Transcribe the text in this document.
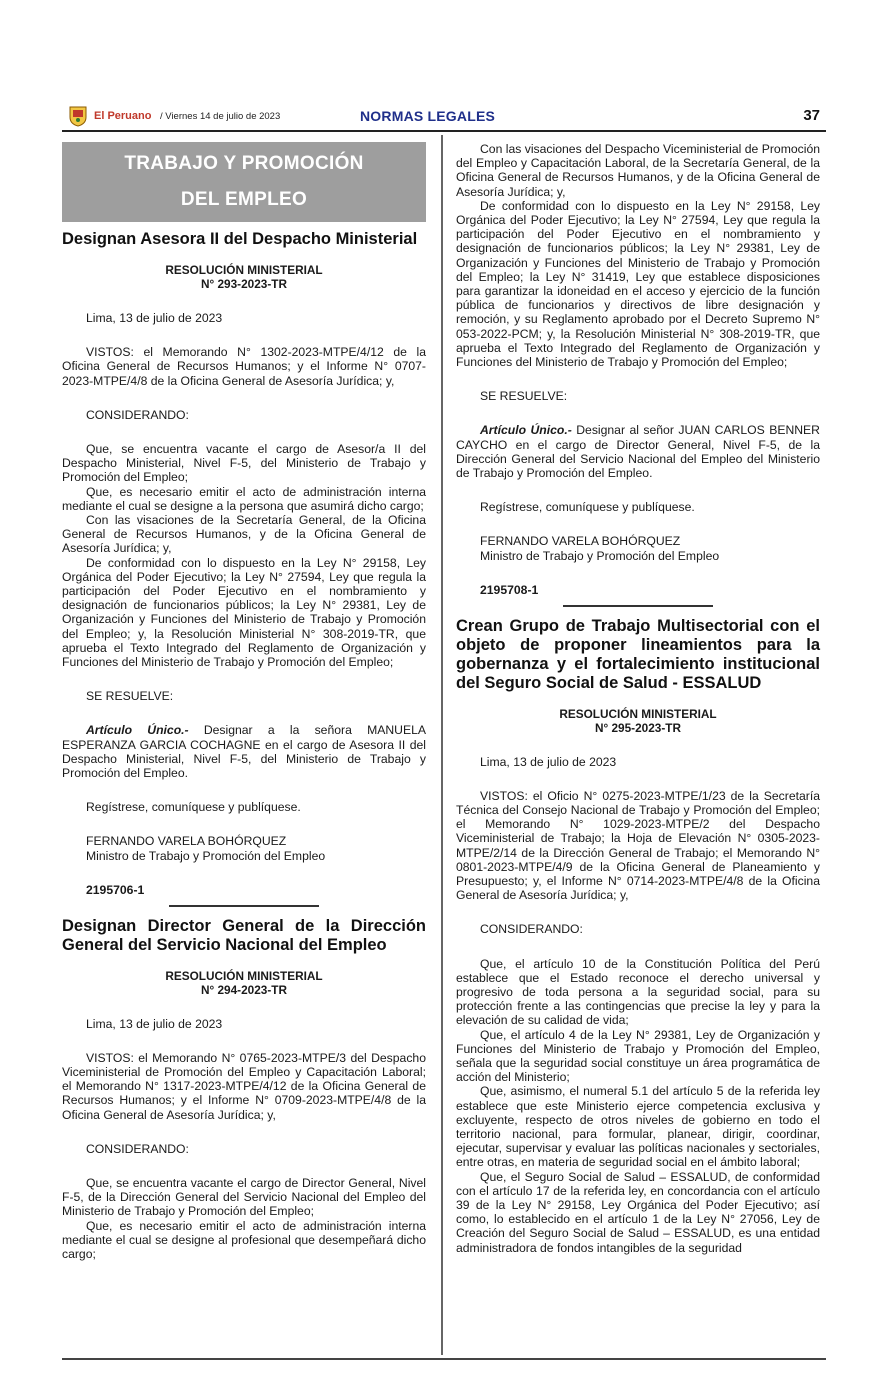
El Peruano / Viernes 14 de julio de 2023	NORMAS LEGALES	37
TRABAJO Y PROMOCIÓN
DEL EMPLEO
Designan Asesora II del Despacho Ministerial
RESOLUCIÓN MINISTERIAL
N° 293-2023-TR
Lima, 13 de julio de 2023

VISTOS: el Memorando N° 1302-2023-MTPE/4/12 de la Oficina General de Recursos Humanos; y el Informe N° 0707-2023-MTPE/4/8 de la Oficina General de Asesoría Jurídica; y,

CONSIDERANDO:

Que, se encuentra vacante el cargo de Asesor/a II del Despacho Ministerial, Nivel F-5, del Ministerio de Trabajo y Promoción del Empleo;

Que, es necesario emitir el acto de administración interna mediante el cual se designe a la persona que asumirá dicho cargo;

Con las visaciones de la Secretaría General, de la Oficina General de Recursos Humanos, y de la Oficina General de Asesoría Jurídica; y,

De conformidad con lo dispuesto en la Ley N° 29158, Ley Orgánica del Poder Ejecutivo; la Ley N° 27594, Ley que regula la participación del Poder Ejecutivo en el nombramiento y designación de funcionarios públicos; la Ley N° 29381, Ley de Organización y Funciones del Ministerio de Trabajo y Promoción del Empleo; y, la Resolución Ministerial N° 308-2019-TR, que aprueba el Texto Integrado del Reglamento de Organización y Funciones del Ministerio de Trabajo y Promoción del Empleo;

SE RESUELVE:

Artículo Único.- Designar a la señora MANUELA ESPERANZA GARCIA COCHAGNE en el cargo de Asesora II del Despacho Ministerial, Nivel F-5, del Ministerio de Trabajo y Promoción del Empleo.

Regístrese, comuníquese y publíquese.
FERNANDO VARELA BOHÓRQUEZ
Ministro de Trabajo y Promoción del Empleo
2195706-1
Designan Director General de la Dirección General del Servicio Nacional del Empleo
RESOLUCIÓN MINISTERIAL
N° 294-2023-TR
Lima, 13 de julio de 2023

VISTOS: el Memorando N° 0765-2023-MTPE/3 del Despacho Viceministerial de Promoción del Empleo y Capacitación Laboral; el Memorando N° 1317-2023-MTPE/4/12 de la Oficina General de Recursos Humanos; y el Informe N° 0709-2023-MTPE/4/8 de la Oficina General de Asesoría Jurídica; y,

CONSIDERANDO:

Que, se encuentra vacante el cargo de Director General, Nivel F-5, de la Dirección General del Servicio Nacional del Empleo del Ministerio de Trabajo y Promoción del Empleo;

Que, es necesario emitir el acto de administración interna mediante el cual se designe al profesional que desempeñará dicho cargo;

Con las visaciones del Despacho Viceministerial de Promoción del Empleo y Capacitación Laboral, de la Secretaría General, de la Oficina General de Recursos Humanos, y de la Oficina General de Asesoría Jurídica; y,

De conformidad con lo dispuesto en la Ley N° 29158, Ley Orgánica del Poder Ejecutivo; la Ley N° 27594, Ley que regula la participación del Poder Ejecutivo en el nombramiento y designación de funcionarios públicos; la Ley N° 29381, Ley de Organización y Funciones del Ministerio de Trabajo y Promoción del Empleo; la Ley N° 31419, Ley que establece disposiciones para garantizar la idoneidad en el acceso y ejercicio de la función pública de funcionarios y directivos de libre designación y remoción, y su Reglamento aprobado por el Decreto Supremo N° 053-2022-PCM; y, la Resolución Ministerial N° 308-2019-TR, que aprueba el Texto Integrado del Reglamento de Organización y Funciones del Ministerio de Trabajo y Promoción del Empleo;

SE RESUELVE:

Artículo Único.- Designar al señor JUAN CARLOS BENNER CAYCHO en el cargo de Director General, Nivel F-5, de la Dirección General del Servicio Nacional del Empleo del Ministerio de Trabajo y Promoción del Empleo.

Regístrese, comuníquese y publíquese.
FERNANDO VARELA BOHÓRQUEZ
Ministro de Trabajo y Promoción del Empleo
2195708-1
Crean Grupo de Trabajo Multisectorial con el objeto de proponer lineamientos para la gobernanza y el fortalecimiento institucional del Seguro Social de Salud - ESSALUD
RESOLUCIÓN MINISTERIAL
N° 295-2023-TR
Lima, 13 de julio de 2023

VISTOS: el Oficio N° 0275-2023-MTPE/1/23 de la Secretaría Técnica del Consejo Nacional de Trabajo y Promoción del Empleo; el Memorando N° 1029-2023-MTPE/2 del Despacho Viceministerial de Trabajo; la Hoja de Elevación N° 0305-2023-MTPE/2/14 de la Dirección General de Trabajo; el Memorando N° 0801-2023-MTPE/4/9 de la Oficina General de Planeamiento y Presupuesto; y, el Informe N° 0714-2023-MTPE/4/8 de la Oficina General de Asesoría Jurídica; y,

CONSIDERANDO:

Que, el artículo 10 de la Constitución Política del Perú establece que el Estado reconoce el derecho universal y progresivo de toda persona a la seguridad social, para su protección frente a las contingencias que precise la ley y para la elevación de su calidad de vida;

Que, el artículo 4 de la Ley N° 29381, Ley de Organización y Funciones del Ministerio de Trabajo y Promoción del Empleo, señala que la seguridad social constituye un área programática de acción del Ministerio;

Que, asimismo, el numeral 5.1 del artículo 5 de la referida ley establece que este Ministerio ejerce competencia exclusiva y excluyente, respecto de otros niveles de gobierno en todo el territorio nacional, para formular, planear, dirigir, coordinar, ejecutar, supervisar y evaluar las políticas nacionales y sectoriales, entre otras, en materia de seguridad social en el ámbito laboral;

Que, el Seguro Social de Salud – ESSALUD, de conformidad con el artículo 17 de la referida ley, en concordancia con el artículo 39 de la Ley N° 29158, Ley Orgánica del Poder Ejecutivo; así como, lo establecido en el artículo 1 de la Ley N° 27056, Ley de Creación del Seguro Social de Salud – ESSALUD, es una entidad administradora de fondos intangibles de la seguridad
